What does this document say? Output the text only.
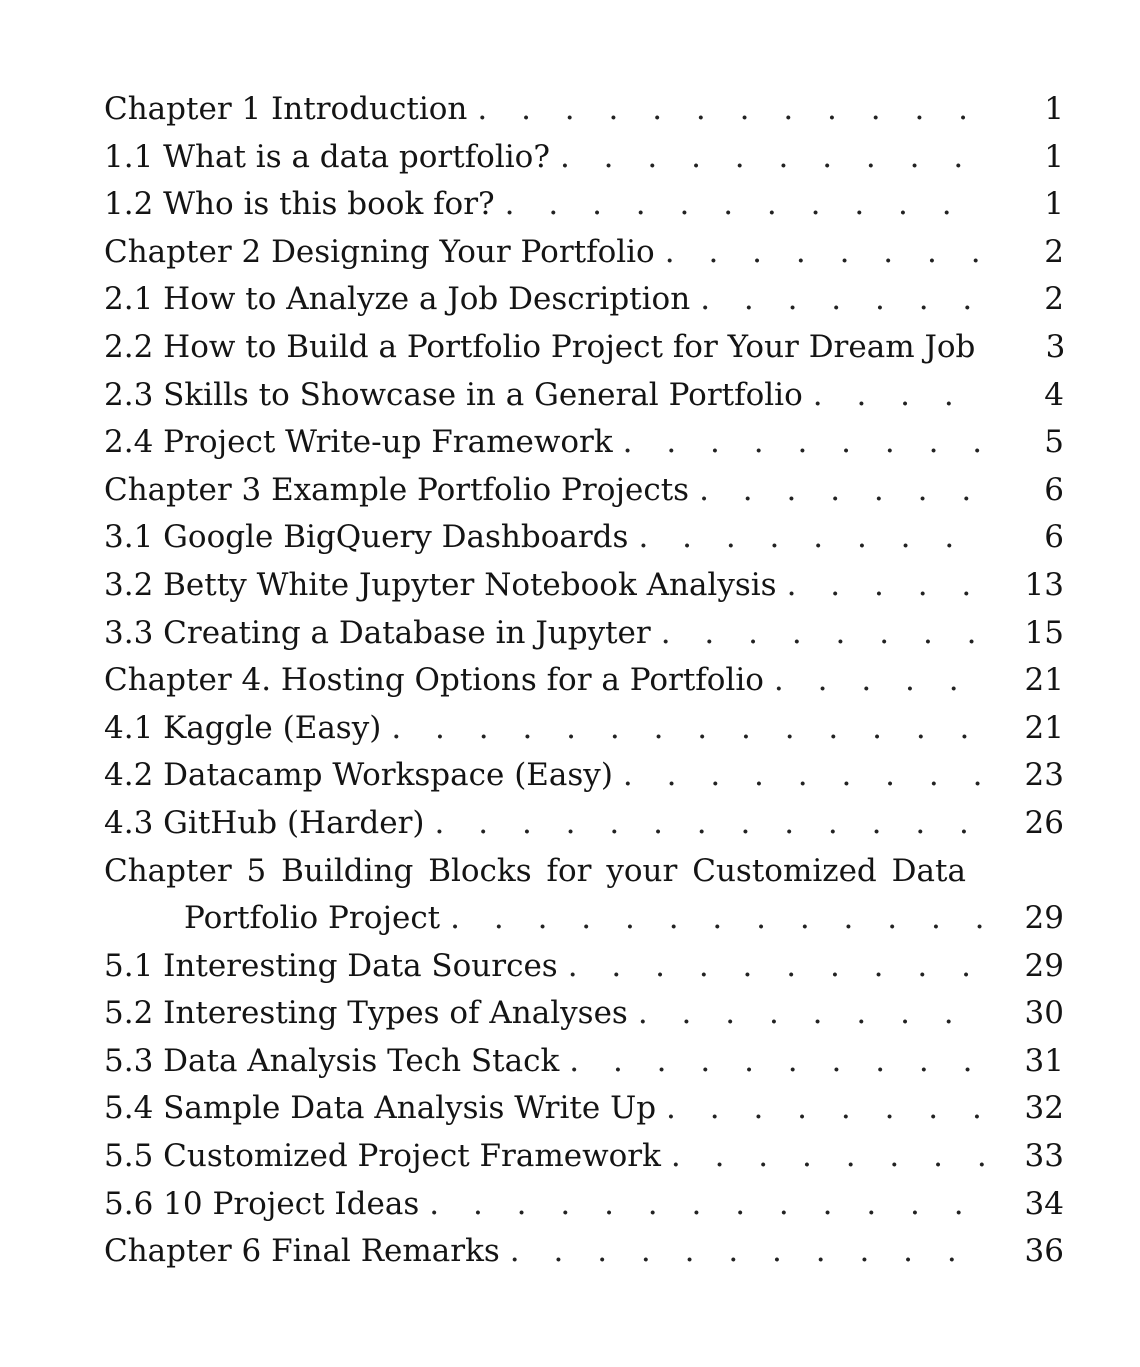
Chapter 1 Introduction . . .	1
1.1 What is a data portfolio? . . .	1
1.2 Who is this book for? . . .	1
Chapter 2 Designing Your Portfolio . . .	2
2.1 How to Analyze a Job Description . . .	2
2.2 How to Build a Portfolio Project for Your Dream Job	3
2.3 Skills to Showcase in a General Portfolio . . .	4
2.4 Project Write-up Framework . . .	5
Chapter 3 Example Portfolio Projects . . .	6
3.1 Google BigQuery Dashboards . . .	6
3.2 Betty White Jupyter Notebook Analysis . . .	13
3.3 Creating a Database in Jupyter . . .	15
Chapter 4. Hosting Options for a Portfolio . . .	21
4.1 Kaggle (Easy) . . .	21
4.2 Datacamp Workspace (Easy) . . .	23
4.3 GitHub (Harder) . . .	26
Chapter 5 Building Blocks for your Customized Data
Portfolio Project . . .	29
5.1 Interesting Data Sources . . .	29
5.2 Interesting Types of Analyses . . .	30
5.3 Data Analysis Tech Stack . . .	31
5.4 Sample Data Analysis Write Up . . .	32
5.5 Customized Project Framework . . .	33
5.6 10 Project Ideas . . .	34
Chapter 6 Final Remarks . . .	36
